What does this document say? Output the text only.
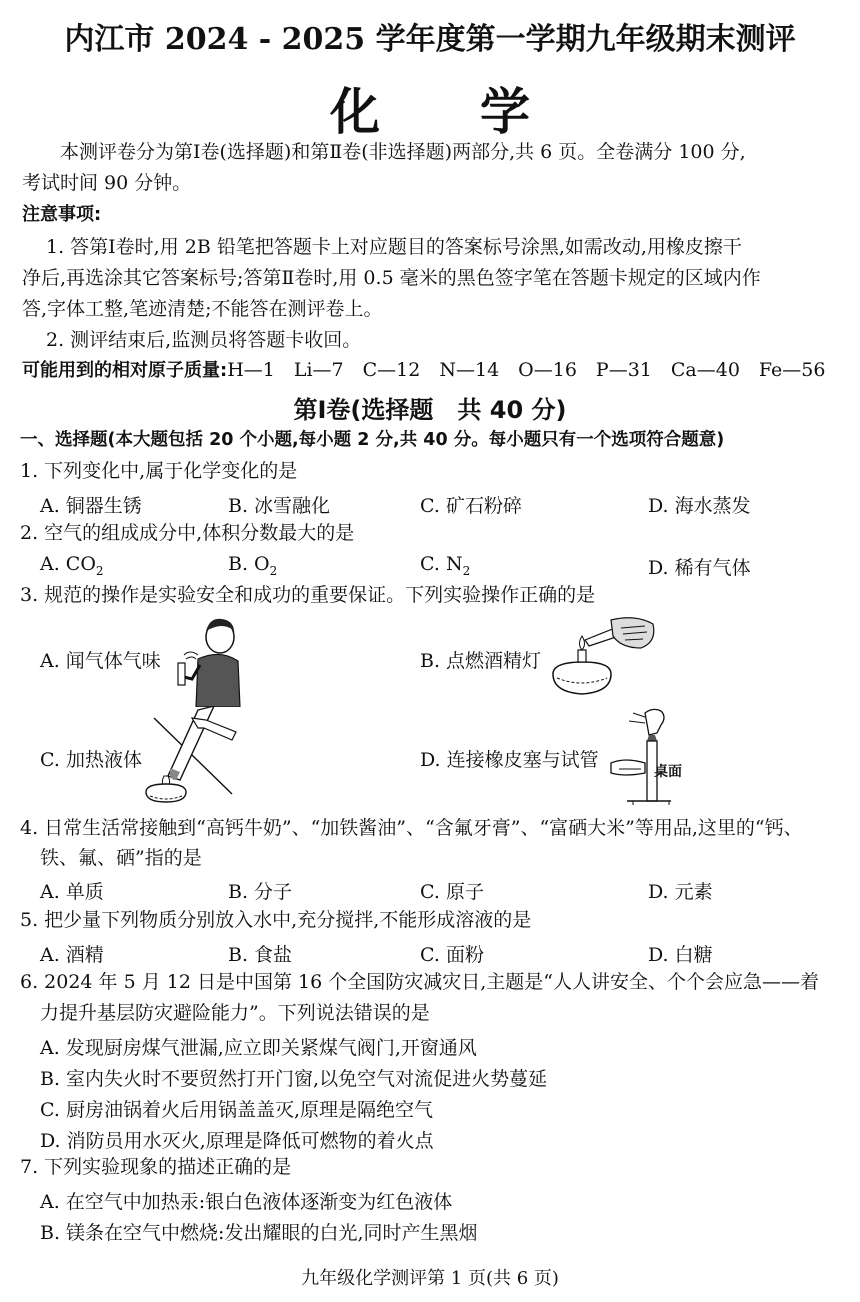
内江市 2024 - 2025 学年度第一学期九年级期末测评
化 学
本测评卷分为第Ⅰ卷(选择题)和第Ⅱ卷(非选择题)两部分,共 6 页。全卷满分 100 分,
考试时间 90 分钟。
注意事项:
1. 答第Ⅰ卷时,用 2B 铅笔把答题卡上对应题目的答案标号涂黑,如需改动,用橡皮擦干
净后,再选涂其它答案标号;答第Ⅱ卷时,用 0.5 毫米的黑色签字笔在答题卡规定的区域内作
答,字体工整,笔迹清楚;不能答在测评卷上。
2. 测评结束后,监测员将答题卡收回。
可能用到的相对原子质量:H—1　Li—7　C—12　N—14　O—16　P—31　Ca—40　Fe—56
第Ⅰ卷(选择题　共 40 分)
一、选择题(本大题包括 20 个小题,每小题 2 分,共 40 分。每小题只有一个选项符合题意)
1. 下列变化中,属于化学变化的是
A. 铜器生锈	B. 冰雪融化	C. 矿石粉碎	D. 海水蒸发
2. 空气的组成成分中,体积分数最大的是
A. $CO_2$	B. $O_2$	C. $N_2$	D. 稀有气体
3. 规范的操作是实验安全和成功的重要保证。下列实验操作正确的是
A. 闻气体气味	B. 点燃酒精灯
C. 加热液体	D. 连接橡皮塞与试管
桌面
4. 日常生活常接触到“高钙牛奶”、“加铁酱油”、“含氟牙膏”、“富硒大米”等用品,这里的“钙、
铁、氟、硒”指的是
A. 单质	B. 分子	C. 原子	D. 元素
5. 把少量下列物质分别放入水中,充分搅拌,不能形成溶液的是
A. 酒精	B. 食盐	C. 面粉	D. 白糖
6. 2024 年 5 月 12 日是中国第 16 个全国防灾减灾日,主题是“人人讲安全、个个会应急——着
力提升基层防灾避险能力”。下列说法错误的是
A. 发现厨房煤气泄漏,应立即关紧煤气阀门,开窗通风
B. 室内失火时不要贸然打开门窗,以免空气对流促进火势蔓延
C. 厨房油锅着火后用锅盖盖灭,原理是隔绝空气
D. 消防员用水灭火,原理是降低可燃物的着火点
7. 下列实验现象的描述正确的是
A. 在空气中加热汞:银白色液体逐渐变为红色液体
B. 镁条在空气中燃烧:发出耀眼的白光,同时产生黑烟
九年级化学测评第 1 页(共 6 页)
